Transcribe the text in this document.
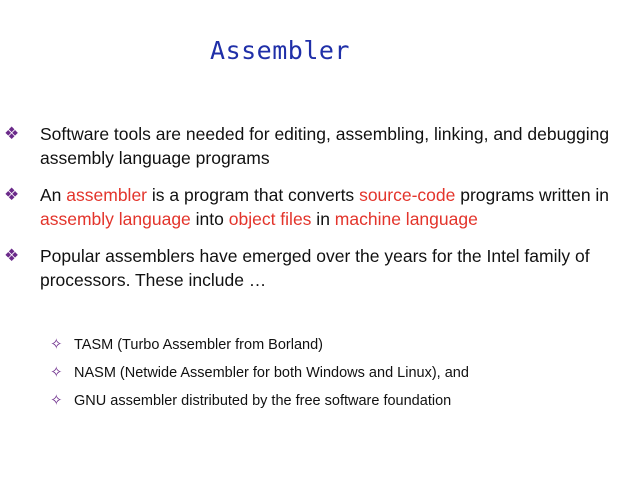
Assembler
❖	Software tools are needed for editing, assembling, linking, and debugging assembly language programs
❖	An assembler is a program that converts source-code programs written in assembly language into object files in machine language
❖	Popular assemblers have emerged over the years for the Intel family of processors. These include …
✧ TASM (Turbo Assembler from Borland)
✧ NASM (Netwide Assembler for both Windows and Linux), and
✧ GNU assembler distributed by the free software foundation
